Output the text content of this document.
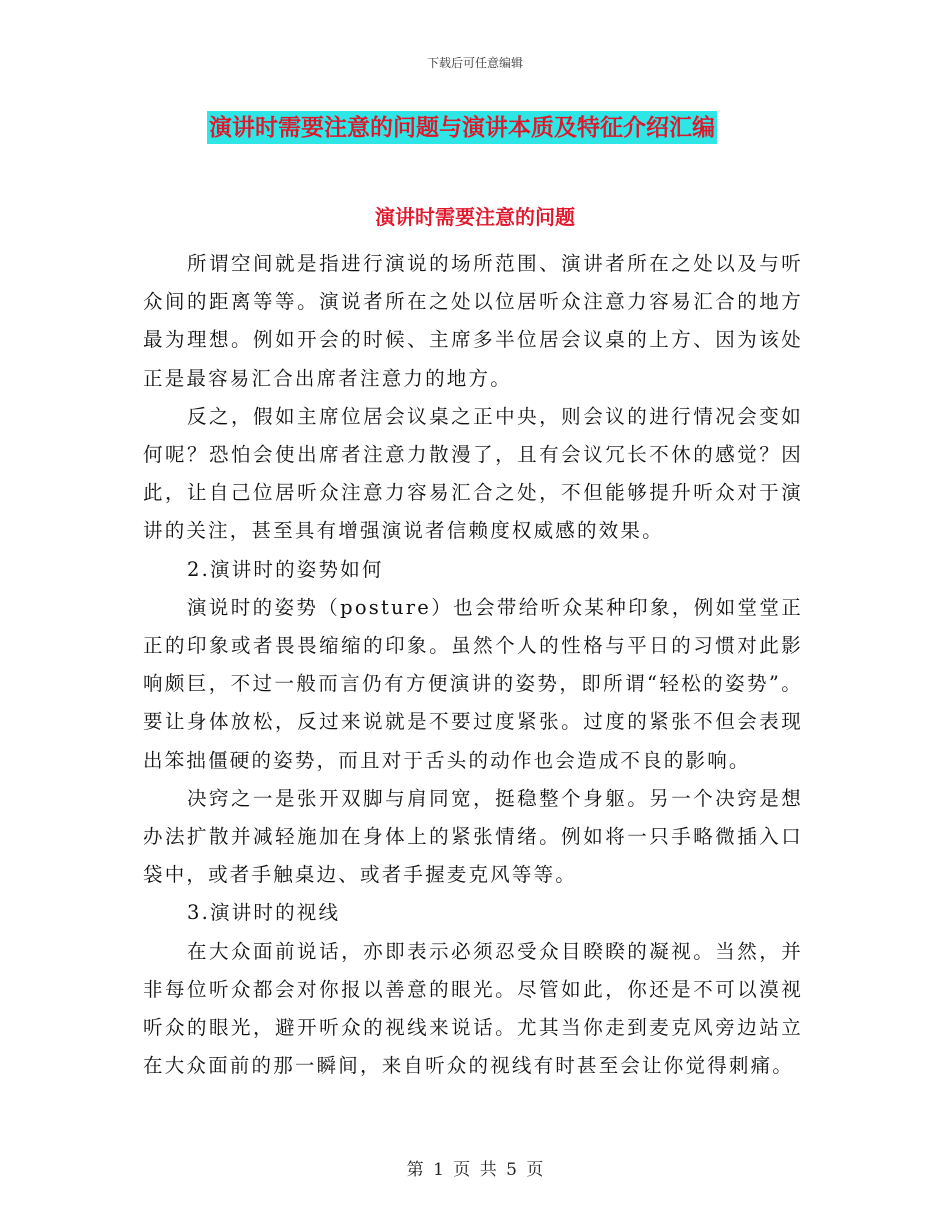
下载后可任意编辑
演讲时需要注意的问题与演讲本质及特征介绍汇编
演讲时需要注意的问题

所谓空间就是指进行演说的场所范围、演讲者所在之处以及与听众间的距离等等。演说者所在之处以位居听众注意力容易汇合的地方最为理想。例如开会的时候、主席多半位居会议桌的上方、因为该处正是最容易汇合出席者注意力的地方。

反之，假如主席位居会议桌之正中央，则会议的进行情况会变如何呢？恐怕会使出席者注意力散漫了，且有会议冗长不休的感觉？因此，让自己位居听众注意力容易汇合之处，不但能够提升听众对于演讲的关注，甚至具有增强演说者信赖度权威感的效果。

2.演讲时的姿势如何

演说时的姿势（posture）也会带给听众某种印象，例如堂堂正正的印象或者畏畏缩缩的印象。虽然个人的性格与平日的习惯对此影响颇巨，不过一般而言仍有方便演讲的姿势，即所谓“轻松的姿势”。要让身体放松，反过来说就是不要过度紧张。过度的紧张不但会表现出笨拙僵硬的姿势，而且对于舌头的动作也会造成不良的影响。

决窍之一是张开双脚与肩同宽，挺稳整个身躯。另一个决窍是想办法扩散并减轻施加在身体上的紧张情绪。例如将一只手略微插入口袋中，或者手触桌边、或者手握麦克风等等。

3.演讲时的视线

在大众面前说话，亦即表示必须忍受众目睽睽的凝视。当然，并非每位听众都会对你报以善意的眼光。尽管如此，你还是不可以漠视听众的眼光，避开听众的视线来说话。尤其当你走到麦克风旁边站立在大众面前的那一瞬间，来自听众的视线有时甚至会让你觉得刺痛。

第 1 页 共 5 页
